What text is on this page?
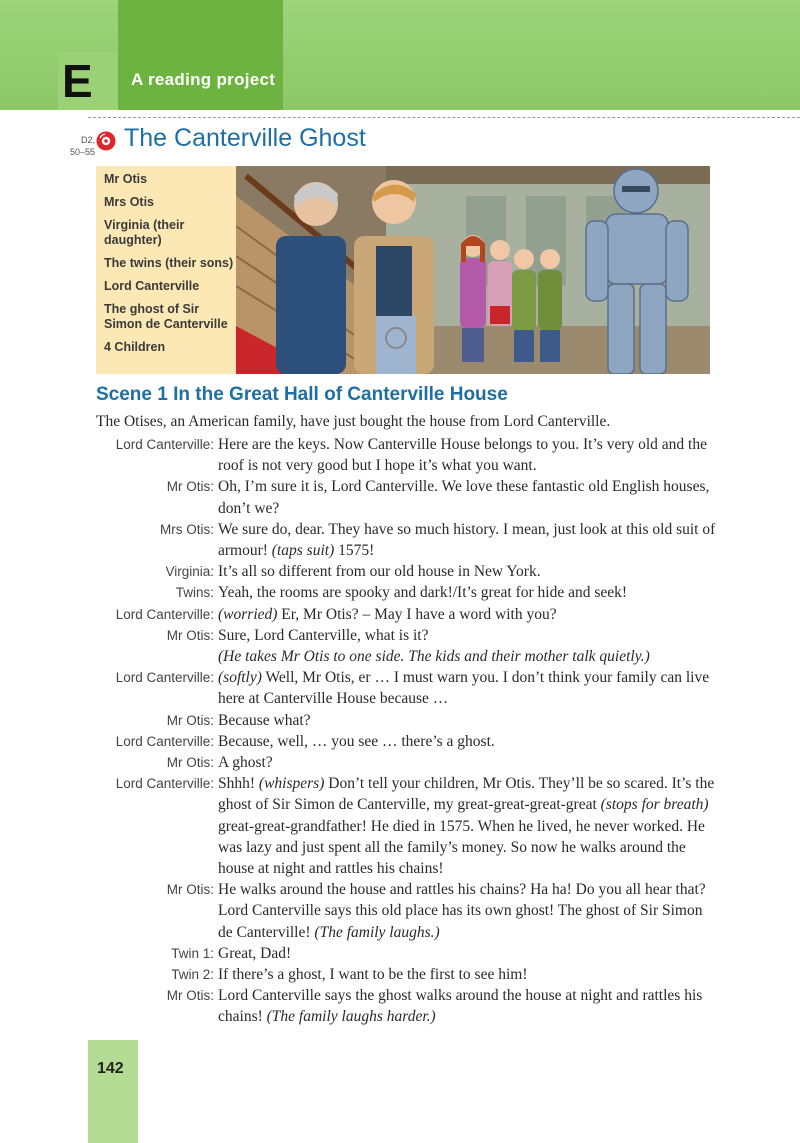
E A reading project
D2,
50–55 The Canterville Ghost
Mr Otis
Mrs Otis
Virginia (their daughter)
The twins (their sons)
Lord Canterville
The ghost of Sir Simon de Canterville
4 Children
Scene 1 In the Great Hall of Canterville House
The Otises, an American family, have just bought the house from Lord Canterville.
Lord Canterville: Here are the keys. Now Canterville House belongs to you. It’s very old and the roof is not very good but I hope it’s what you want.
Mr Otis: Oh, I’m sure it is, Lord Canterville. We love these fantastic old English houses, don’t we?
Mrs Otis: We sure do, dear. They have so much history. I mean, just look at this old suit of armour! (taps suit) 1575!
Virginia: It’s all so different from our old house in New York.
Twins: Yeah, the rooms are spooky and dark!/It’s great for hide and seek!
Lord Canterville: (worried) Er, Mr Otis? – May I have a word with you?
Mr Otis: Sure, Lord Canterville, what is it?
(He takes Mr Otis to one side. The kids and their mother talk quietly.)
Lord Canterville: (softly) Well, Mr Otis, er … I must warn you. I don’t think your family can live here at Canterville House because …
Mr Otis: Because what?
Lord Canterville: Because, well, … you see … there’s a ghost.
Mr Otis: A ghost?
Lord Canterville: Shhh! (whispers) Don’t tell your children, Mr Otis. They’ll be so scared. It’s the ghost of Sir Simon de Canterville, my great-great-great-great (stops for breath) great-great-grandfather! He died in 1575. When he lived, he never worked. He was lazy and just spent all the family’s money. So now he walks around the house at night and rattles his chains!
Mr Otis: He walks around the house and rattles his chains? Ha ha! Do you all hear that? Lord Canterville says this old place has its own ghost! The ghost of Sir Simon de Canterville! (The family laughs.)
Twin 1: Great, Dad!
Twin 2: If there’s a ghost, I want to be the first to see him!
Mr Otis: Lord Canterville says the ghost walks around the house at night and rattles his chains! (The family laughs harder.)
142
